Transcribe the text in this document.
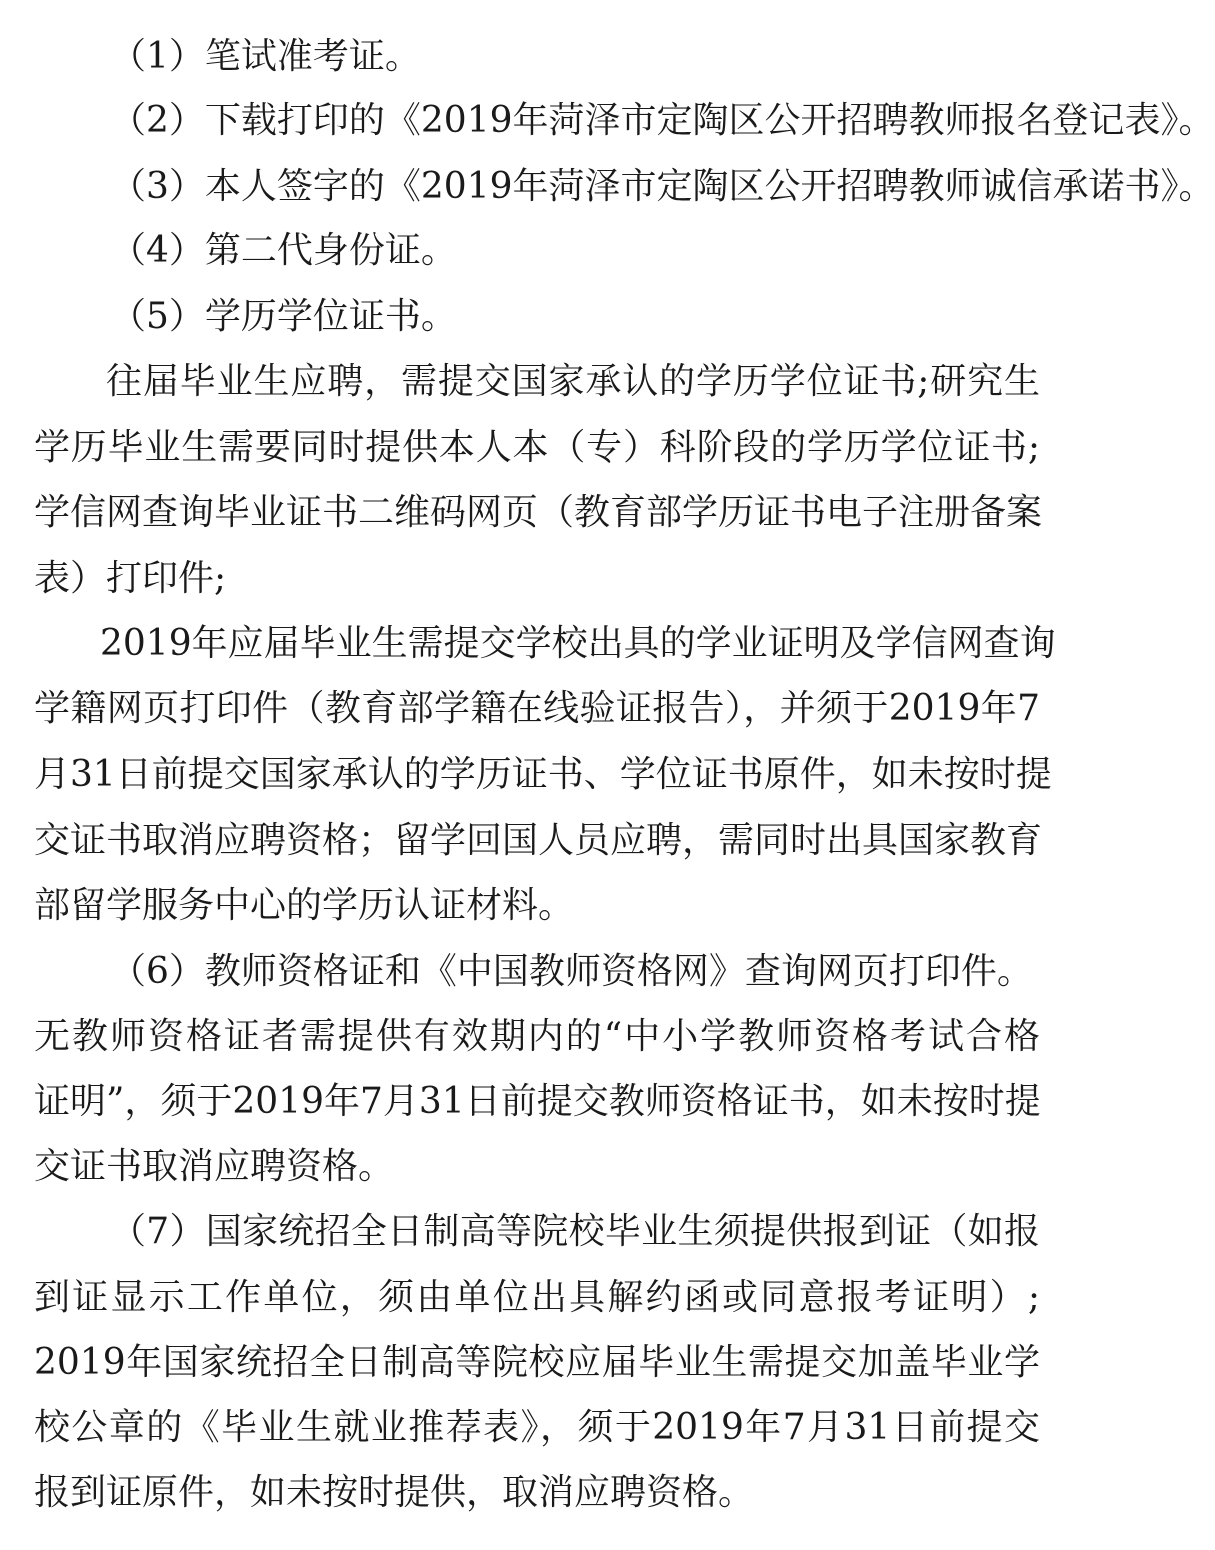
（1）笔试准考证。
（2）下载打印的《2019年菏泽市定陶区公开招聘教师报名登记表》。
（3）本人签字的《2019年菏泽市定陶区公开招聘教师诚信承诺书》。
（4）第二代身份证。
（5）学历学位证书。
往届毕业生应聘，需提交国家承认的学历学位证书;研究生
学历毕业生需要同时提供本人本（专）科阶段的学历学位证书;
学信网查询毕业证书二维码网页（教育部学历证书电子注册备案
表）打印件;
2019年应届毕业生需提交学校出具的学业证明及学信网查询
学籍网页打印件（教育部学籍在线验证报告），并须于2019年7
月31日前提交国家承认的学历证书、学位证书原件，如未按时提
交证书取消应聘资格；留学回国人员应聘，需同时出具国家教育
部留学服务中心的学历认证材料。
（6）教师资格证和《中国教师资格网》查询网页打印件。
无教师资格证者需提供有效期内的“中小学教师资格考试合格
证明”，须于2019年7月31日前提交教师资格证书，如未按时提
交证书取消应聘资格。
（7）国家统招全日制高等院校毕业生须提供报到证（如报
到证显示工作单位，须由单位出具解约函或同意报考证明）;
2019年国家统招全日制高等院校应届毕业生需提交加盖毕业学
校公章的《毕业生就业推荐表》，须于2019年7月31日前提交
报到证原件，如未按时提供，取消应聘资格。
